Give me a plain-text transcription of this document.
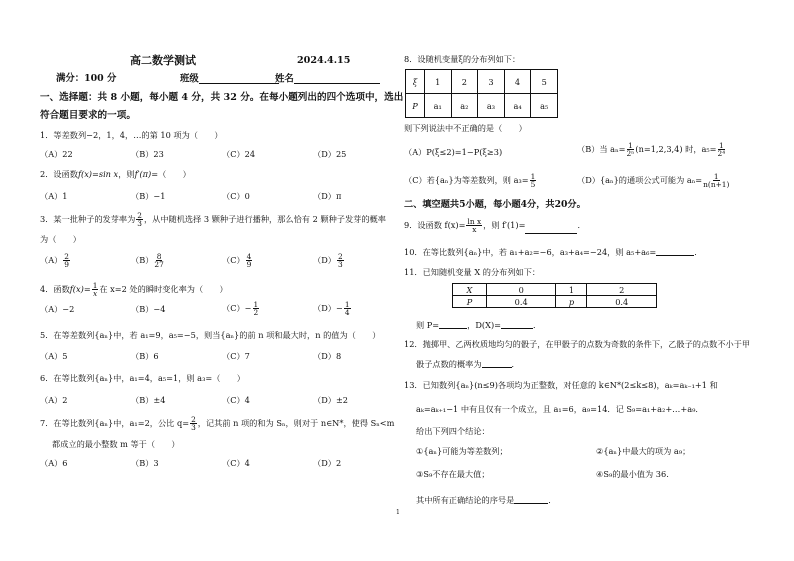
高二数学测试	2024.4.15
满分：100 分	班级	姓名
一、选择题：共 8 小题，每小题 4 分，共 32 分。在每小题列出的四个选项中，选出
符合题目要求的一项。
1．等差数列−2，1，4，…的第 10 项为（　　）
（A）22	（B）23	（C）24	（D）25
2．设函数f(x)=sin x，则f′(π)=（　　）
（A）1	（B）−1	（C）0	（D）π
3．某一批种子的发芽率为 $\frac{2}{3}$ ，从中随机选择 3 颗种子进行播种，那么恰有 2 颗种子发芽的概率
为（　　）
$(A) \frac{2}{9}$	$(B) \frac{8}{27}$	$(C) \frac{4}{9}$	$(D) \frac{2}{3}$
4．函数$f(x)= \frac{1}{x}$ 在 x=2 处的瞬时变化率为（　　）
（A）−2	（B）−4	$(C)- \frac{1}{2}$	$(D)- \frac{1}{4}$
5．在等差数列{aₙ}中，若 a₁=9，a₅=−5，则当{aₙ}的前 n 项和最大时，n 的值为（　　）
（A）5	（B）6	（C）7	（D）8
6．在等比数列{aₙ}中，a₁=4，a₅=1，则 a₃=（　　）
（A）2	（B）±4	（C）4	（D）±2
7．在等比数列{aₙ}中，a₁=2，公比 $q= \frac{2}{3}$ ，记其前 n 项的和为 Sₙ，则对于 n∈N*，使得 Sₙ<m
都成立的最小整数 m 等于（　　）
（A）6	（B）3	（C）4	（D）2
8．设随机变量ξ的分布列如下：
ξ	1	2	3	4	5
P	a₁	a₂	a₃	a₄	a₅
则下列说法中不正确的是（　　）
（A）P(ξ≤2)=1−P(ξ≥3)	（B）当 $a_n= \frac{1}{\text{2ⁿ}} (n=1,2,3,4)$ 时，$a_5= \frac{1}{\text{2⁴}}$
（C）若{aₙ}为等差数列，则 $a_3= \frac{1}{5}$	（D）{aₙ}的通项公式可能为 $a_n= \frac{1}{n(n+1)}$
二、填空题共5小题，每小题4分，共20分。
9．设函数 $f(x)= \frac{\text{ln x}}{x}$ ，则 f′(1)=	．
10．在等比数列{aₙ}中，若 a₁+a₂=−6，a₃+a₄=−24，则 a₅+a₆=	．
11．已知随机变量 X 的分布列如下：
X	0	1	2
P	0.4	p	0.4
则 P=	，D(X)=	．
12．抛掷甲、乙两枚质地均匀的骰子，在甲骰子的点数为奇数的条件下，乙骰子的点数不小于甲
骰子点数的概率为	．
13．已知数列{aₙ}(n≤9)各项均为正整数，对任意的 k∈N*(2≤k≤8)，aₖ=aₖ₋₁+1 和
aₖ=aₖ₊₁−1 中有且仅有一个成立，且 a₁=6，a₉=14．记 S₉=a₁+a₂+…+a₉．
给出下列四个结论：
①{aₙ}可能为等差数列；	②{aₙ}中最大的项为 a₉；
③S₉不存在最大值；	④S₉的最小值为 36.
其中所有正确结论的序号是	．
1
